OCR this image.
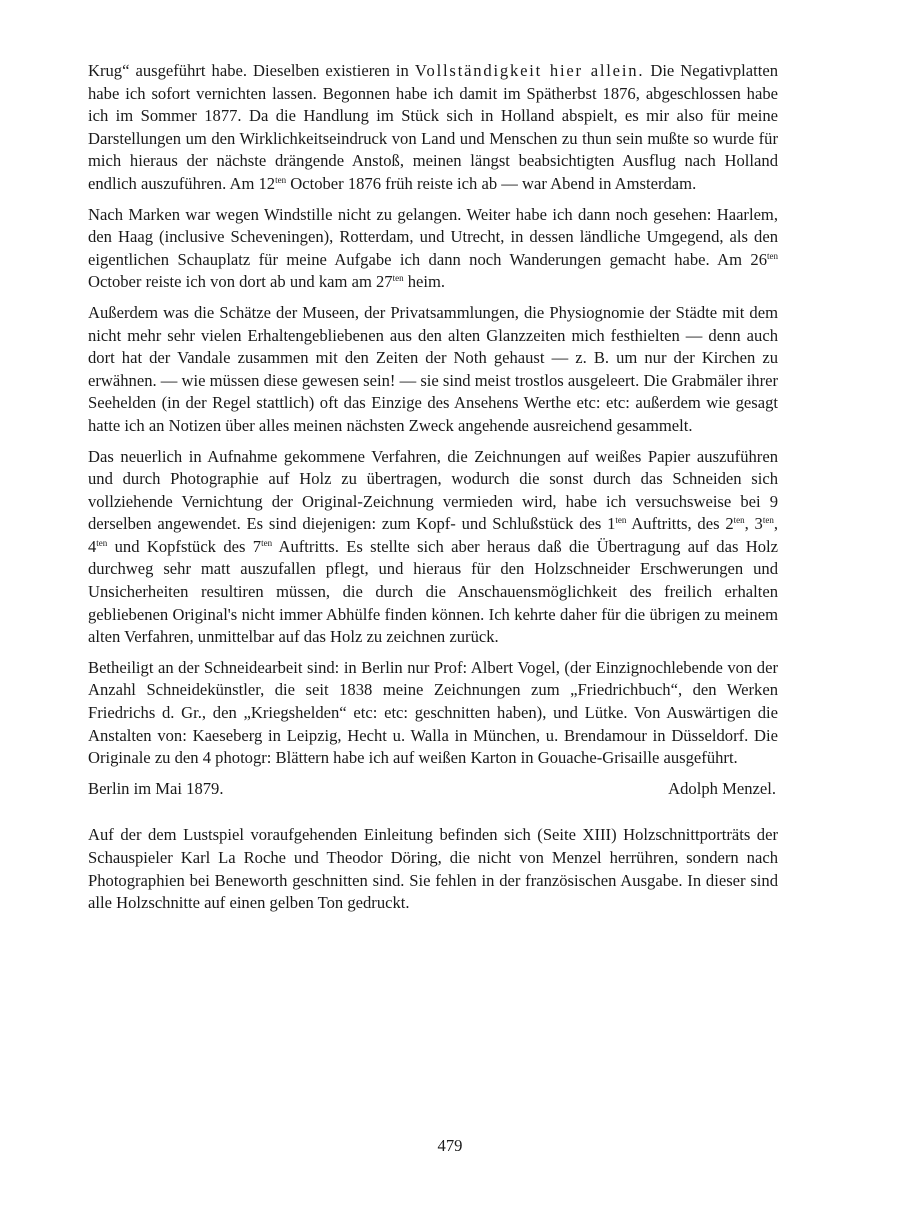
Krug“ ausgeführt habe. Dieselben existieren in Vollständigkeit hier allein. Die Negativplatten habe ich sofort vernichten lassen. Begonnen habe ich damit im Spätherbst 1876, abgeschlossen habe ich im Sommer 1877. Da die Handlung im Stück sich in Holland abspielt, es mir also für meine Darstellungen um den Wirklichkeitseindruck von Land und Menschen zu thun sein mußte so wurde für mich hieraus der nächste drängende Anstoß, meinen längst beabsichtigten Ausflug nach Holland endlich auszuführen. Am $12^{ten}$ October 1876 früh reiste ich ab — war Abend in Amsterdam.

Nach Marken war wegen Windstille nicht zu gelangen. Weiter habe ich dann noch gesehen: Haarlem, den Haag (inclusive Scheveningen), Rotterdam, und Utrecht, in dessen ländliche Umgegend, als den eigentlichen Schauplatz für meine Aufgabe ich dann noch Wanderungen gemacht habe. Am $26^{ten}$ October reiste ich von dort ab und kam am $27^{ten}$ heim.

Außerdem was die Schätze der Museen, der Privatsammlungen, die Physiognomie der Städte mit dem nicht mehr sehr vielen Erhaltengebliebenen aus den alten Glanzzeiten mich festhielten — denn auch dort hat der Vandale zusammen mit den Zeiten der Noth gehaust — z. B. um nur der Kirchen zu erwähnen. — wie müssen diese gewesen sein! — sie sind meist trostlos ausgeleert. Die Grabmäler ihrer Seehelden (in der Regel stattlich) oft das Einzige des Ansehens Werthe etc: etc: außerdem wie gesagt hatte ich an Notizen über alles meinen nächsten Zweck angehende ausreichend gesammelt.

Das neuerlich in Aufnahme gekommene Verfahren, die Zeichnungen auf weißes Papier auszuführen und durch Photographie auf Holz zu übertragen, wodurch die sonst durch das Schneiden sich vollziehende Vernichtung der Original-Zeichnung vermieden wird, habe ich versuchsweise bei 9 derselben angewendet. Es sind diejenigen: zum Kopf- und Schlußstück des $1^{ten}$ Auftritts, des $2^{ten}$, $3^{ten}$, $4^{ten}$ und Kopfstück des $7^{ten}$ Auftritts. Es stellte sich aber heraus daß die Übertragung auf das Holz durchweg sehr matt auszufallen pflegt, und hieraus für den Holzschneider Erschwerungen und Unsicherheiten resultiren müssen, die durch die Anschauensmöglichkeit des freilich erhalten gebliebenen Original's nicht immer Abhülfe finden können. Ich kehrte daher für die übrigen zu meinem alten Verfahren, unmittelbar auf das Holz zu zeichnen zurück.

Betheiligt an der Schneidearbeit sind: in Berlin nur Prof: Albert Vogel, (der Einzignochlebende von der Anzahl Schneidekünstler, die seit 1838 meine Zeichnungen zum „Friedrichbuch“, den Werken Friedrichs d. Gr., den „Kriegshelden“ etc: etc: geschnitten haben), und Lütke. Von Auswärtigen die Anstalten von: Kaeseberg in Leipzig, Hecht u. Walla in München, u. Brendamour in Düsseldorf. Die Originale zu den 4 photogr: Blättern habe ich auf weißen Karton in Gouache-Grisaille ausgeführt.

Berlin im Mai 1879.	Adolph Menzel.

Auf der dem Lustspiel voraufgehenden Einleitung befinden sich (Seite XIII) Holzschnittporträts der Schauspieler Karl La Roche und Theodor Döring, die nicht von Menzel herrühren, sondern nach Photographien bei Beneworth geschnitten sind. Sie fehlen in der französischen Ausgabe. In dieser sind alle Holzschnitte auf einen gelben Ton gedruckt.

479
